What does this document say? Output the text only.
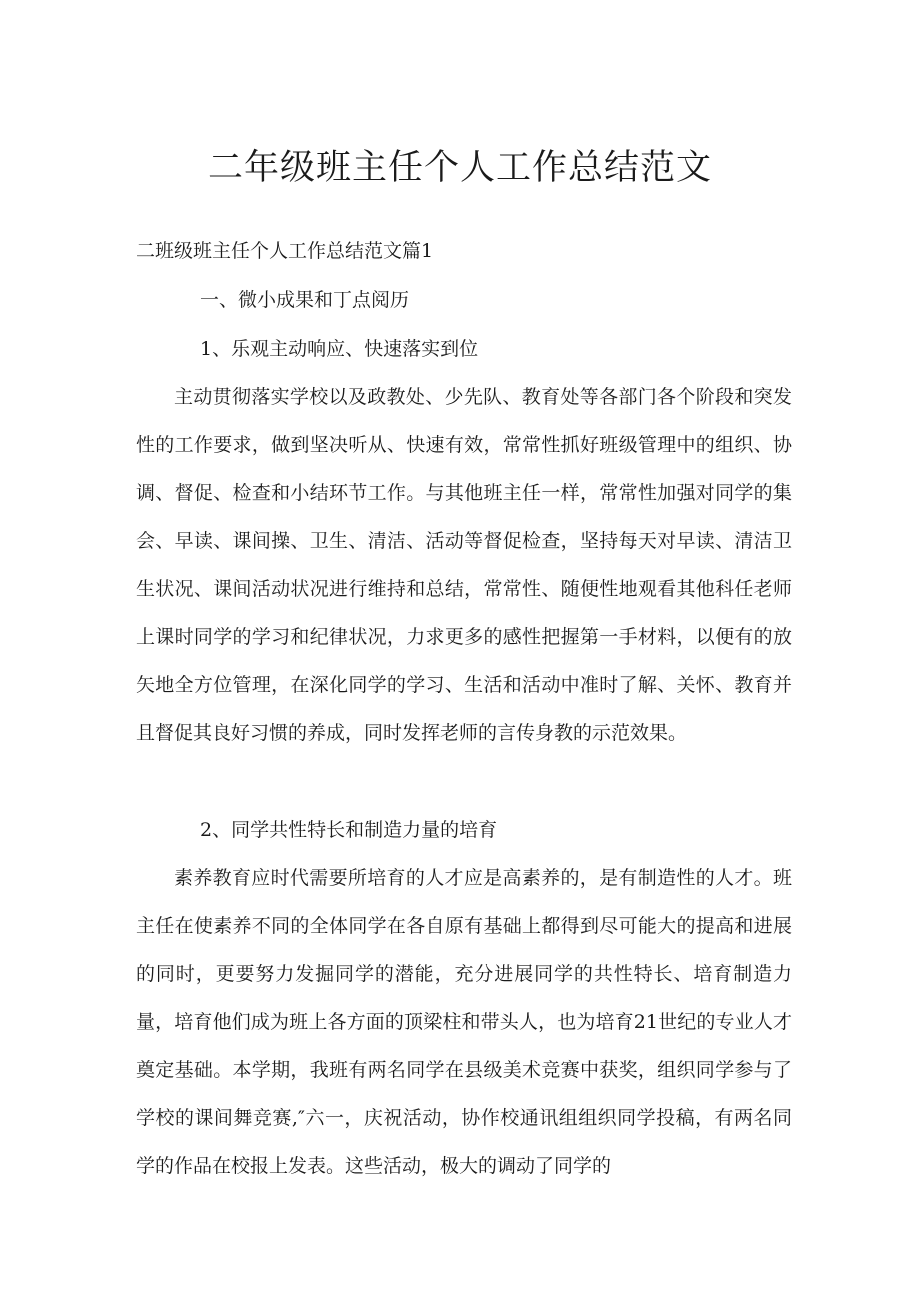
二年级班主任个人工作总结范文

二班级班主任个人工作总结范文篇1

一、微小成果和丁点阅历

1、乐观主动响应、快速落实到位

主动贯彻落实学校以及政教处、少先队、教育处等各部门各个阶段和突发性的工作要求，做到坚决听从、快速有效，常常性抓好班级管理中的组织、协调、督促、检查和小结环节工作。与其他班主任一样，常常性加强对同学的集会、早读、课间操、卫生、清洁、活动等督促检查，坚持每天对早读、清洁卫生状况、课间活动状况进行维持和总结，常常性、随便性地观看其他科任老师上课时同学的学习和纪律状况，力求更多的感性把握第一手材料，以便有的放矢地全方位管理，在深化同学的学习、生活和活动中准时了解、关怀、教育并且督促其良好习惯的养成，同时发挥老师的言传身教的示范效果。

2、同学共性特长和制造力量的培育

素养教育应时代需要所培育的人才应是高素养的，是有制造性的人才。班主任在使素养不同的全体同学在各自原有基础上都得到尽可能大的提高和进展的同时，更要努力发掘同学的潜能，充分进展同学的共性特长、培育制造力量，培育他们成为班上各方面的顶梁柱和带头人，也为培育21世纪的专业人才奠定基础。本学期，我班有两名同学在县级美术竞赛中获奖，组织同学参与了学校的课间舞竞赛,″六一，庆祝活动，协作校通讯组组织同学投稿，有两名同学的作品在校报上发表。这些活动，极大的调动了同学的
